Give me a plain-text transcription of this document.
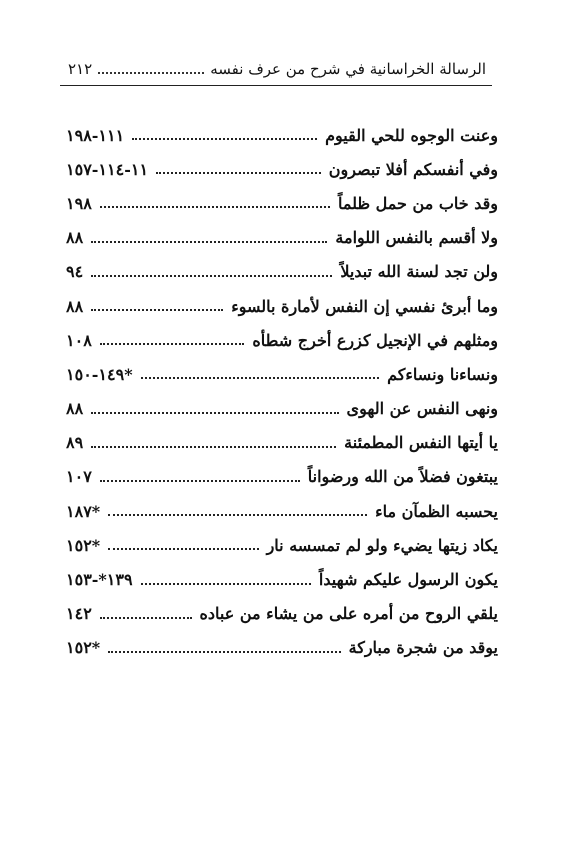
٢١٢	الرسالة الخراسانية في شرح من عرف نفسه
١١١-١٩٨	وعنت الوجوه للحي القيوم
١١-١١٤-١٥٧	وفي أنفسكم أفلا تبصرون
١٩٨	وقد خاب من حمل ظلماً
٨٨	ولا أقسم بالنفس اللوامة
٩٤	ولن تجد لسنة الله تبديلاً
٨٨	وما أبرئ نفسي إن النفس لأمارة بالسوء
١٠٨	ومثلهم في الإنجيل كزرع أخرج شطأه
١٤٩-١٥٠*	ونساءنا ونساءكم
٨٨	ونهى النفس عن الهوى
٨٩	يا أيتها النفس المطمئنة
١٠٧	يبتغون فضلاً من الله ورضواناً
١٨٧*	يحسبه الظمآن ماء
١٥٢*	يكاد زيتها يضيء ولو لم تمسسه نار
١٣٩*-١٥٣	يكون الرسول عليكم شهيداً
١٤٢	يلقي الروح من أمره على من يشاء من عباده
١٥٢*	يوقد من شجرة مباركة
